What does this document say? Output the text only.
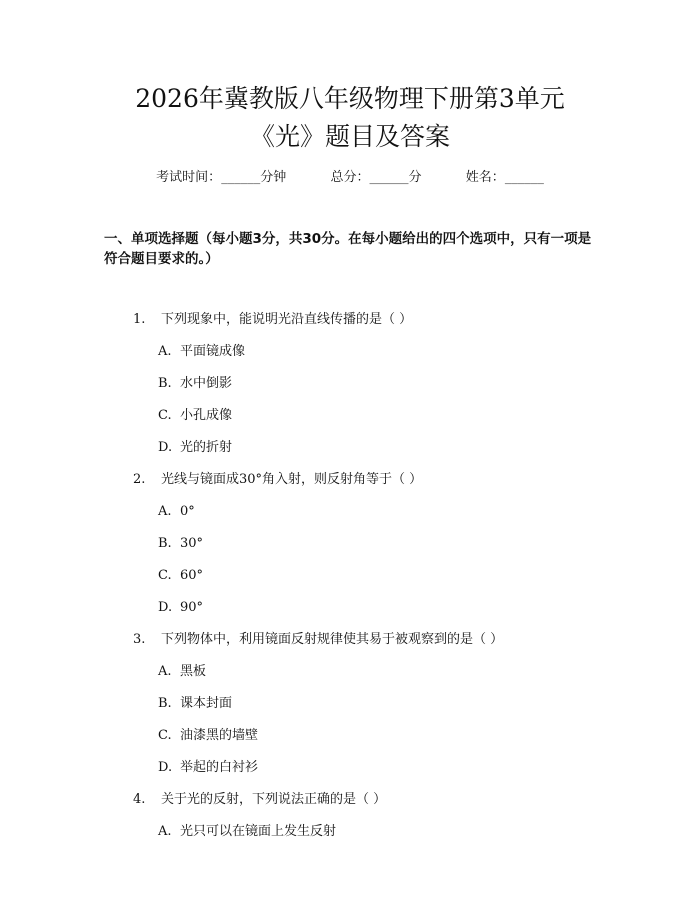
2026年冀教版八年级物理下册第3单元
《光》题目及答案
考试时间：______分钟	总分：______分	姓名：______
一、单项选择题（每小题3分，共30分。在每小题给出的四个选项中，只有一项是符合题目要求的。）
1. 下列现象中，能说明光沿直线传播的是（ ）
A. 平面镜成像
B. 水中倒影
C. 小孔成像
D. 光的折射
2. 光线与镜面成30°角入射，则反射角等于（ ）
A. 0°
B. 30°
C. 60°
D. 90°
3. 下列物体中，利用镜面反射规律使其易于被观察到的是（ ）
A. 黑板
B. 课本封面
C. 油漆黑的墙壁
D. 举起的白衬衫
4. 关于光的反射，下列说法正确的是（ ）
A. 光只可以在镜面上发生反射
